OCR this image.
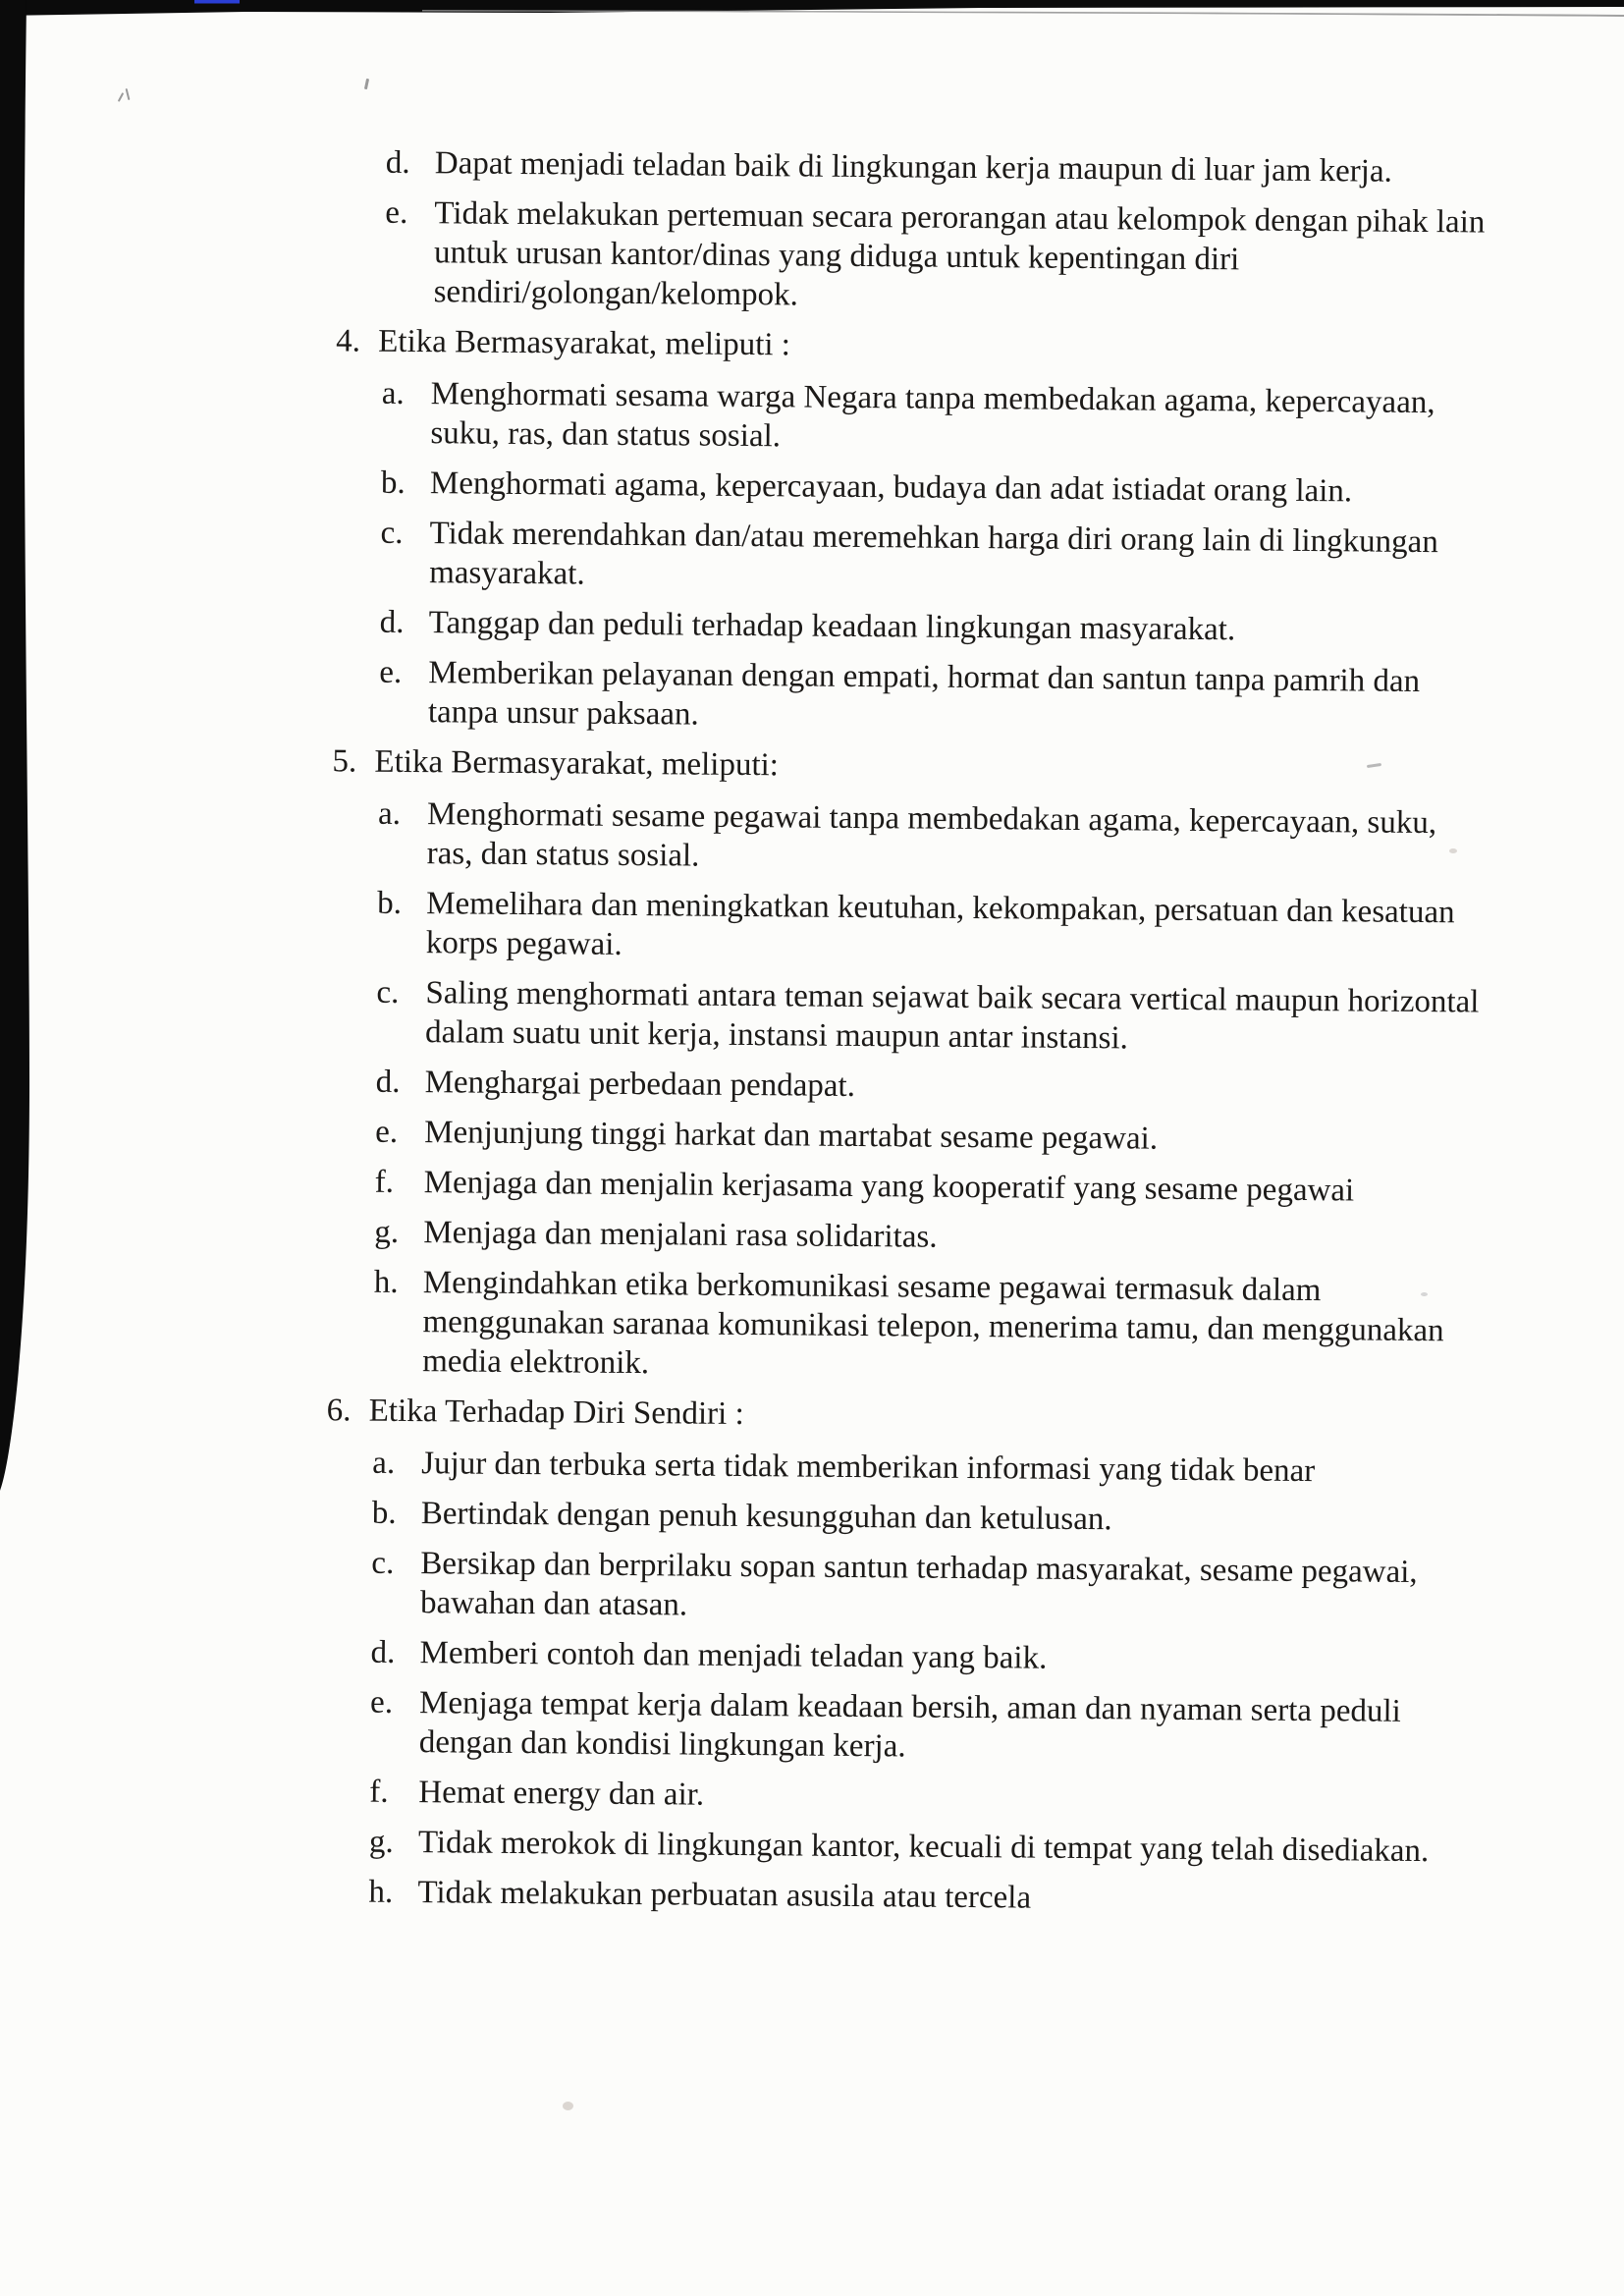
d. Dapat menjadi teladan baik di lingkungan kerja maupun di luar jam kerja.
e. Tidak melakukan pertemuan secara perorangan atau kelompok dengan pihak lain untuk urusan kantor/dinas yang diduga untuk kepentingan diri sendiri/golongan/kelompok.
4. Etika Bermasyarakat, meliputi :
a. Menghormati sesama warga Negara tanpa membedakan agama, kepercayaan, suku, ras, dan status sosial.
b. Menghormati agama, kepercayaan, budaya dan adat istiadat orang lain.
c. Tidak merendahkan dan/atau meremehkan harga diri orang lain di lingkungan masyarakat.
d. Tanggap dan peduli terhadap keadaan lingkungan masyarakat.
e. Memberikan pelayanan dengan empati, hormat dan santun tanpa pamrih dan tanpa unsur paksaan.
5. Etika Bermasyarakat, meliputi:
a. Menghormati sesame pegawai tanpa membedakan agama, kepercayaan, suku, ras, dan status sosial.
b. Memelihara dan meningkatkan keutuhan, kekompakan, persatuan dan kesatuan korps pegawai.
c. Saling menghormati antara teman sejawat baik secara vertical maupun horizontal dalam suatu unit kerja, instansi maupun antar instansi.
d. Menghargai perbedaan pendapat.
e. Menjunjung tinggi harkat dan martabat sesame pegawai.
f. Menjaga dan menjalin kerjasama yang kooperatif yang sesame pegawai
g. Menjaga dan menjalani rasa solidaritas.
h. Mengindahkan etika berkomunikasi sesame pegawai termasuk dalam menggunakan saranaa komunikasi telepon, menerima tamu, dan menggunakan media elektronik.
6. Etika Terhadap Diri Sendiri :
a. Jujur dan terbuka serta tidak memberikan informasi yang tidak benar
b. Bertindak dengan penuh kesungguhan dan ketulusan.
c. Bersikap dan berprilaku sopan santun terhadap masyarakat, sesame pegawai, bawahan dan atasan.
d. Memberi contoh dan menjadi teladan yang baik.
e. Menjaga tempat kerja dalam keadaan bersih, aman dan nyaman serta peduli dengan dan kondisi lingkungan kerja.
f. Hemat energy dan air.
g. Tidak merokok di lingkungan kantor, kecuali di tempat yang telah disediakan.
h. Tidak melakukan perbuatan asusila atau tercela
